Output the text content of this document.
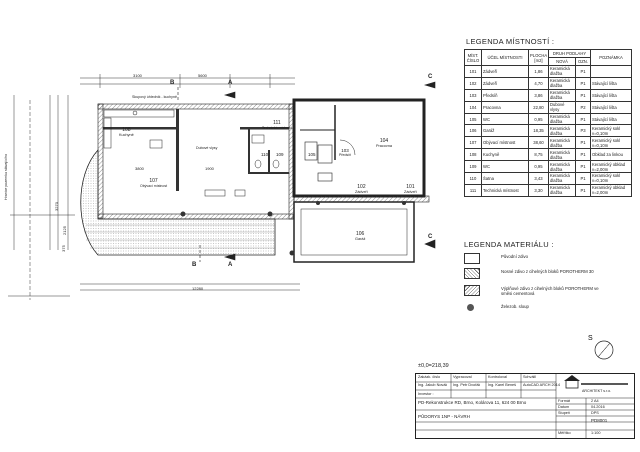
S
108
Kuchyně
111
Technická místnost
107
Obývací místnost
Dubové vlysy
110 109	105
103
Předsíň
104
Pracovna
102
Zádveří
101
Zádveří
106
Garáž
Skupový úhledník - kuchyně
Hranice pozemku stávajícího
12280
3100	5600
3800	1900
3270
2125
375
A
A
B
B
C
C
LEGENDA MÍSTNOSTÍ :
MÍST. ČÍSLO	ÚČEL MÍSTNOSTI	PLOCHA [m2]	DRUH PODLAHY		POZNÁMKA
			NOVÁ	OZN.	
101	Zádveří	1,86	Keramická dlažba	P1	
102	Zádveří	4,70	Keramická dlažba	P1	Stávající lišta
103	Předsíň	3,86	Keramická dlažba	P1	Stávající lišta
104	Pracovna	22,80	Dubové vlysy	P2	Stávající lišta
105	WC	0,95	Keramická dlažba	P1	Stávající lišta
106	Garáž	18,35	Keramická dlažba	P3	Keramický sokl v=0,10m
107	Obývací místnost	38,60	Keramická dlažba	P1	Keramický sokl v=0,10m
108	Kuchyně	8,75	Keramická dlažba	P1	Obklad za linkou
109	WC	0,95	Keramická dlažba	P1	Keramický obklad v=2,00m
110	Šatna	3,43	Keramická dlažba	P1	Keramický sokl v=0,10m
111	Technická místnost	3,30	Keramická dlažba	P1	Keramický obklad v=2,00m
LEGENDA MATERIÁLU :
Původní zdivo
Nosné zdivo z cihelných bloků POROTHERM 30
Výplňové zdivo z cihelných bloků POROTHERM ve směsi cementová
Železob. sloup
±0,0=218,39
Zakázk. číslo	Vypracoval	Kontroloval	Schválil
Ing. Jakub Novák Ing. Petr Dvořák Ing. Karel Beneš AutoCAD ARCH 2014
ARCHITEKT s.r.o.
Investor :
PD-Rekonstrukce RD, Brno, Kolárova 11, 624 00 Brno
PŮDORYS 1NP - NÁVRH
Formát	2 A4
Datum	04.2016
Stupeň	DPS
PD8001
Měřítko	1:100
